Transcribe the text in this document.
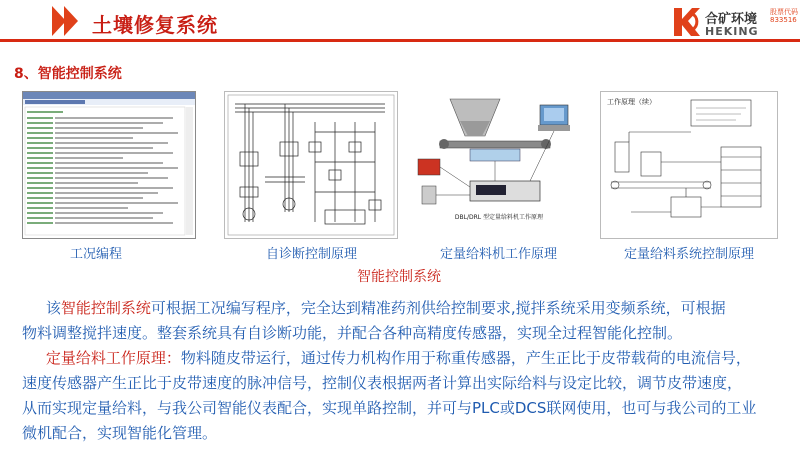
土壤修复系统	合矿环境 股票代码 833516
HEKING
8、智能控制系统
DBL/DRL 型定量给料机工作原理
工作原理（续）
工况编程	自诊断控制原理	定量给料机工作原理	定量给料系统控制原理
智能控制系统
该智能控制系统可根据工况编写程序，完全达到精准药剂供给控制要求,搅拌系统采用变频系统，可根据
物料调整搅拌速度。整套系统具有自诊断功能，并配合各种高精度传感器，实现全过程智能化控制。
定量给料工作原理：物料随皮带运行，通过传力机构作用于称重传感器，产生正比于皮带载荷的电流信号，
速度传感器产生正比于皮带速度的脉冲信号，控制仪表根据两者计算出实际给料与设定比较，调节皮带速度，
从而实现定量给料，与我公司智能仪表配合，实现单路控制，并可与PLC或DCS联网使用，也可与我公司的工业
微机配合，实现智能化管理。
